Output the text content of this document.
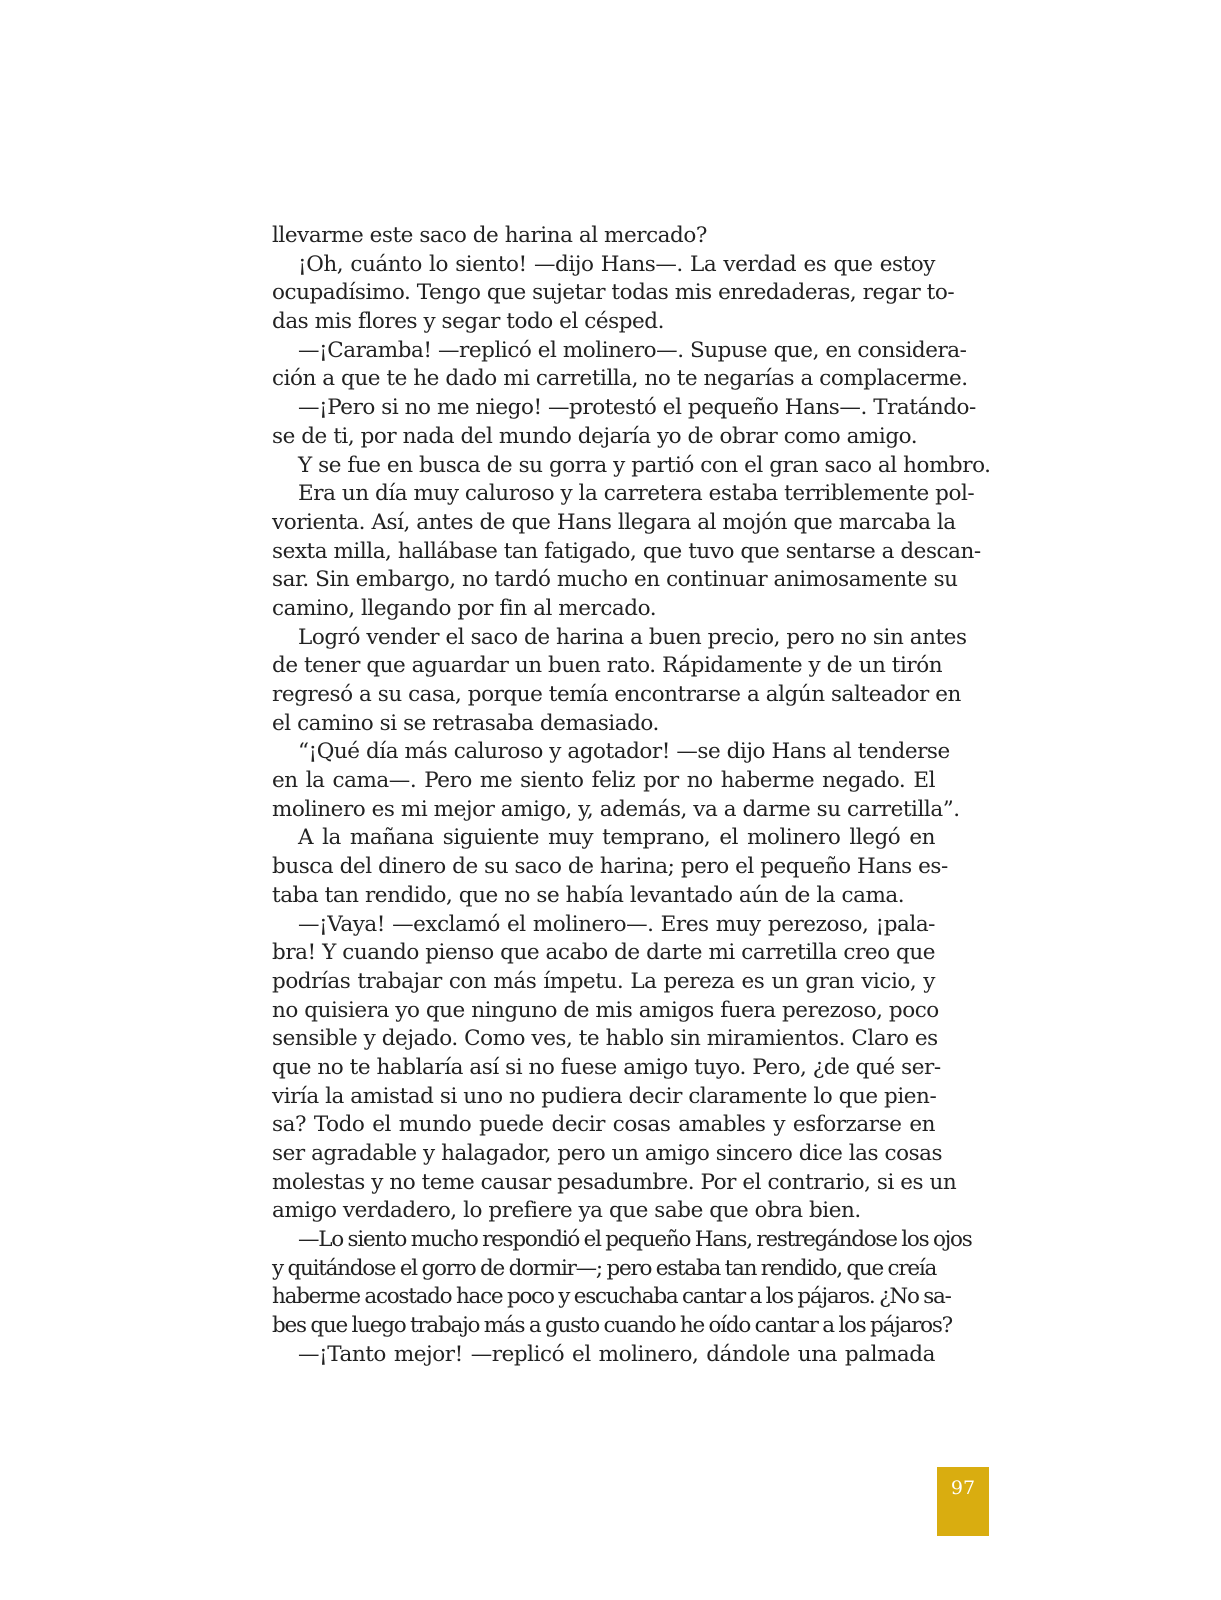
llevarme este saco de harina al mercado?
¡Oh, cuánto lo siento! —dijo Hans—. La verdad es que estoy
ocupadísimo. Tengo que sujetar todas mis enredaderas, regar to-
das mis flores y segar todo el césped.
—¡Caramba! —replicó el molinero—. Supuse que, en considera-
ción a que te he dado mi carretilla, no te negarías a complacerme.
—¡Pero si no me niego! —protestó el pequeño Hans—. Tratándo-
se de ti, por nada del mundo dejaría yo de obrar como amigo.
Y se fue en busca de su gorra y partió con el gran saco al hombro.
Era un día muy caluroso y la carretera estaba terriblemente pol-
vorienta. Así, antes de que Hans llegara al mojón que marcaba la
sexta milla, hallábase tan fatigado, que tuvo que sentarse a descan-
sar. Sin embargo, no tardó mucho en continuar animosamente su
camino, llegando por fin al mercado.
Logró vender el saco de harina a buen precio, pero no sin antes
de tener que aguardar un buen rato. Rápidamente y de un tirón
regresó a su casa, porque temía encontrarse a algún salteador en
el camino si se retrasaba demasiado.
“¡Qué día más caluroso y agotador! —se dijo Hans al tenderse
en la cama—. Pero me siento feliz por no haberme negado. El
molinero es mi mejor amigo, y, además, va a darme su carretilla”.
A la mañana siguiente muy temprano, el molinero llegó en
busca del dinero de su saco de harina; pero el pequeño Hans es-
taba tan rendido, que no se había levantado aún de la cama.
—¡Vaya! —exclamó el molinero—. Eres muy perezoso, ¡pala-
bra! Y cuando pienso que acabo de darte mi carretilla creo que
podrías trabajar con más ímpetu. La pereza es un gran vicio, y
no quisiera yo que ninguno de mis amigos fuera perezoso, poco
sensible y dejado. Como ves, te hablo sin miramientos. Claro es
que no te hablaría así si no fuese amigo tuyo. Pero, ¿de qué ser-
viría la amistad si uno no pudiera decir claramente lo que pien-
sa? Todo el mundo puede decir cosas amables y esforzarse en
ser agradable y halagador, pero un amigo sincero dice las cosas
molestas y no teme causar pesadumbre. Por el contrario, si es un
amigo verdadero, lo prefiere ya que sabe que obra bien.
—Lo siento mucho respondió el pequeño Hans, restregándose los ojos
y quitándose el gorro de dormir—; pero estaba tan rendido, que creía
haberme acostado hace poco y escuchaba cantar a los pájaros. ¿No sa-
bes que luego trabajo más a gusto cuando he oído cantar a los pájaros?
—¡Tanto mejor! —replicó el molinero, dándole una palmada
97
